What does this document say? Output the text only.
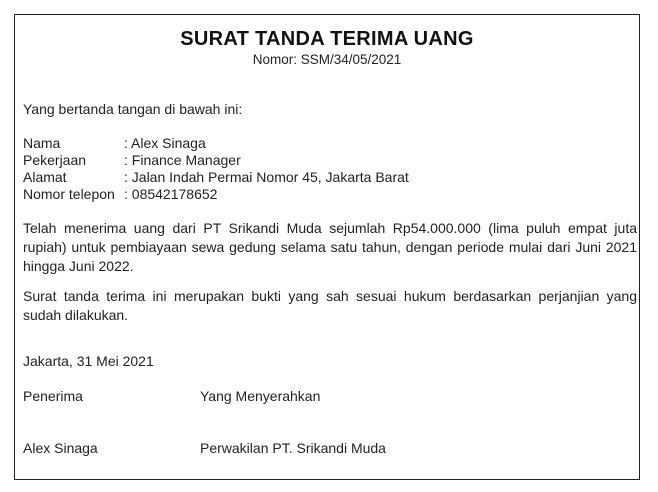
SURAT TANDA TERIMA UANG
Nomor: SSM/34/05/2021
Yang bertanda tangan di bawah ini:
Nama	: Alex Sinaga
Pekerjaan	: Finance Manager
Alamat	: Jalan Indah Permai Nomor 45, Jakarta Barat
Nomor telepon : 08542178652
Telah menerima uang dari PT Srikandi Muda sejumlah Rp54.000.000 (lima puluh empat juta rupiah) untuk pembiayaan sewa gedung selama satu tahun, dengan periode mulai dari Juni 2021 hingga Juni 2022.
Surat tanda terima ini merupakan bukti yang sah sesuai hukum berdasarkan perjanjian yang sudah dilakukan.
Jakarta, 31 Mei 2021
Penerima	Yang Menyerahkan
Alex Sinaga	Perwakilan PT. Srikandi Muda
